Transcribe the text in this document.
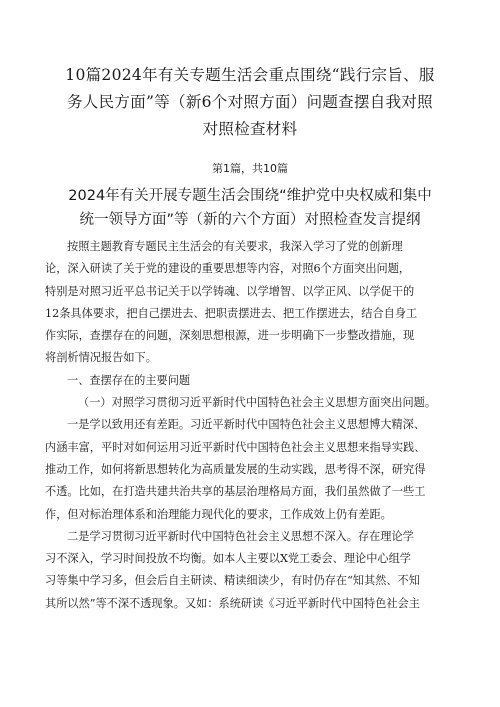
10篇2024年有关专题生活会重点围绕“践行宗旨、服
务人民方面”等（新6个对照方面）问题查摆自我对照
对照检查材料
第1篇，共10篇
2024年有关开展专题生活会围绕“维护党中央权威和集中
统一领导方面”等（新的六个方面）对照检查发言提纲

按照主题教育专题民主生活会的有关要求，我深入学习了党的创新理

论，深入研读了关于党的建设的重要思想等内容，对照6个方面突出问题，

特别是对照习近平总书记关于以学铸魂、以学增智、以学正风、以学促干的

12条具体要求，把自己摆进去、把职责摆进去、把工作摆进去，结合自身工

作实际，查摆存在的问题，深刻思想根源，进一步明确下一步整改措施，现

将剖析情况报告如下。

一、查摆存在的主要问题

（一）对照学习贯彻习近平新时代中国特色社会主义思想方面突出问题。

一是学以致用还有差距。习近平新时代中国特色社会主义思想博大精深、

内涵丰富，平时对如何运用习近平新时代中国特色社会主义思想来指导实践、

推动工作，如何将新思想转化为高质量发展的生动实践，思考得不深，研究得

不透。比如，在打造共建共治共享的基层治理格局方面，我们虽然做了一些工

作，但对标治理体系和治理能力现代化的要求，工作成效上仍有差距。

二是学习贯彻习近平新时代中国特色社会主义思想不深入。存在理论学

习不深入，学习时间投放不均衡。如本人主要以X党工委会、理论中心组学

习等集中学习多，但会后自主研读、精读细读少，有时仍存在“知其然、不知

其所以然”等不深不透现象。又如：系统研读《习近平新时代中国特色社会主
